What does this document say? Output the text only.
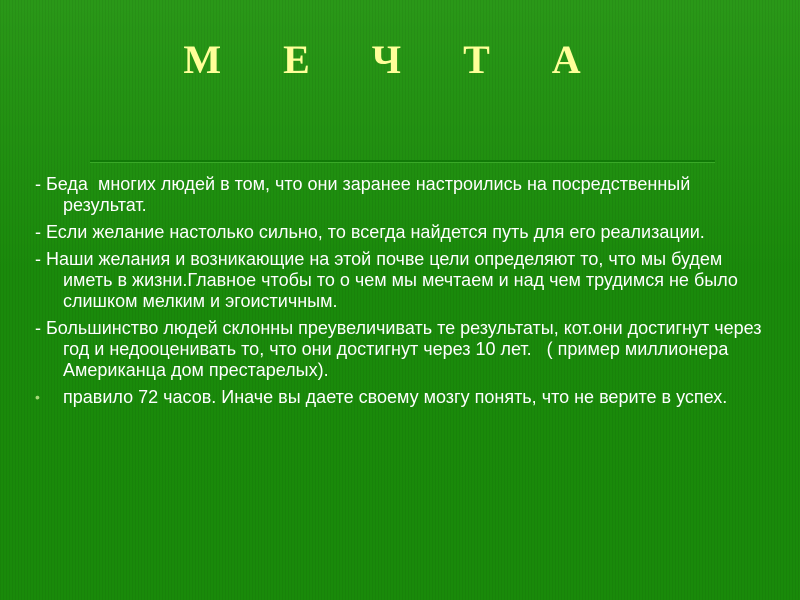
М Е Ч Т А

- Беда  многих людей в том, что они заранее настроились на посредственный результат.

- Если желание настолько сильно, то всегда найдется путь для его реализации.

- Наши желания и возникающие на этой почве цели определяют то, что мы будем иметь в жизни.Главное чтобы то о чем мы мечтаем и над чем трудимся не было слишком мелким и эгоистичным.

- Большинство людей склонны преувеличивать те результаты, кот.они достигнут через год и недооценивать то, что они достигнут через 10 лет.   ( пример миллионера Американца дом престарелых).

• правило 72 часов. Иначе вы даете своему мозгу понять, что не верите в успех.
